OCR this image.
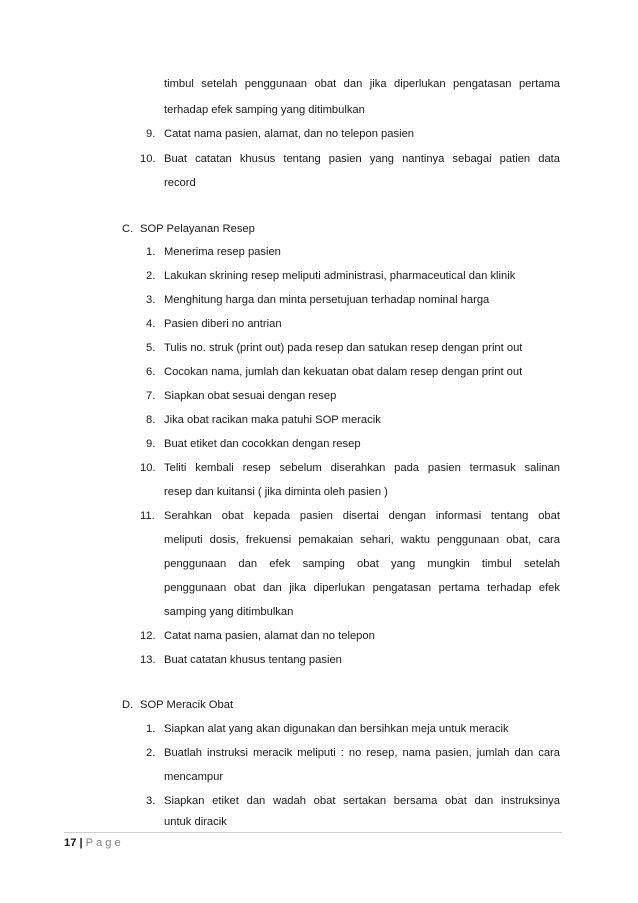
timbul setelah penggunaan obat dan jika diperlukan pengatasan pertama
terhadap efek samping yang ditimbulkan
9. Catat nama pasien, alamat, dan no telepon pasien
10. Buat catatan khusus tentang pasien yang nantinya sebagai patien data
record
C. SOP Pelayanan Resep
1. Menerima resep pasien
2. Lakukan skrining resep meliputi administrasi, pharmaceutical dan klinik
3. Menghitung harga dan minta persetujuan terhadap nominal harga
4. Pasien diberi no antrian
5. Tulis no. struk (print out) pada resep dan satukan resep dengan print out
6. Cocokan nama, jumlah dan kekuatan obat dalam resep dengan print out
7. Siapkan obat sesuai dengan resep
8. Jika obat racikan maka patuhi SOP meracik
9. Buat etiket dan cocokkan dengan resep
10. Teliti kembali resep sebelum diserahkan pada pasien termasuk salinan
resep dan kuitansi ( jika diminta oleh pasien )
11. Serahkan obat kepada pasien disertai dengan informasi tentang obat
meliputi dosis, frekuensi pemakaian sehari, waktu penggunaan obat, cara
penggunaan dan efek samping obat yang mungkin timbul setelah
penggunaan obat dan jika diperlukan pengatasan pertama terhadap efek
samping yang ditimbulkan
12. Catat nama pasien, alamat dan no telepon
13. Buat catatan khusus tentang pasien
D. SOP Meracik Obat
1. Siapkan alat yang akan digunakan dan bersihkan meja untuk meracik
2. Buatlah instruksi meracik meliputi : no resep, nama pasien, jumlah dan cara
mencampur
3. Siapkan etiket dan wadah obat sertakan bersama obat dan instruksinya
untuk diracik
17 | Page
